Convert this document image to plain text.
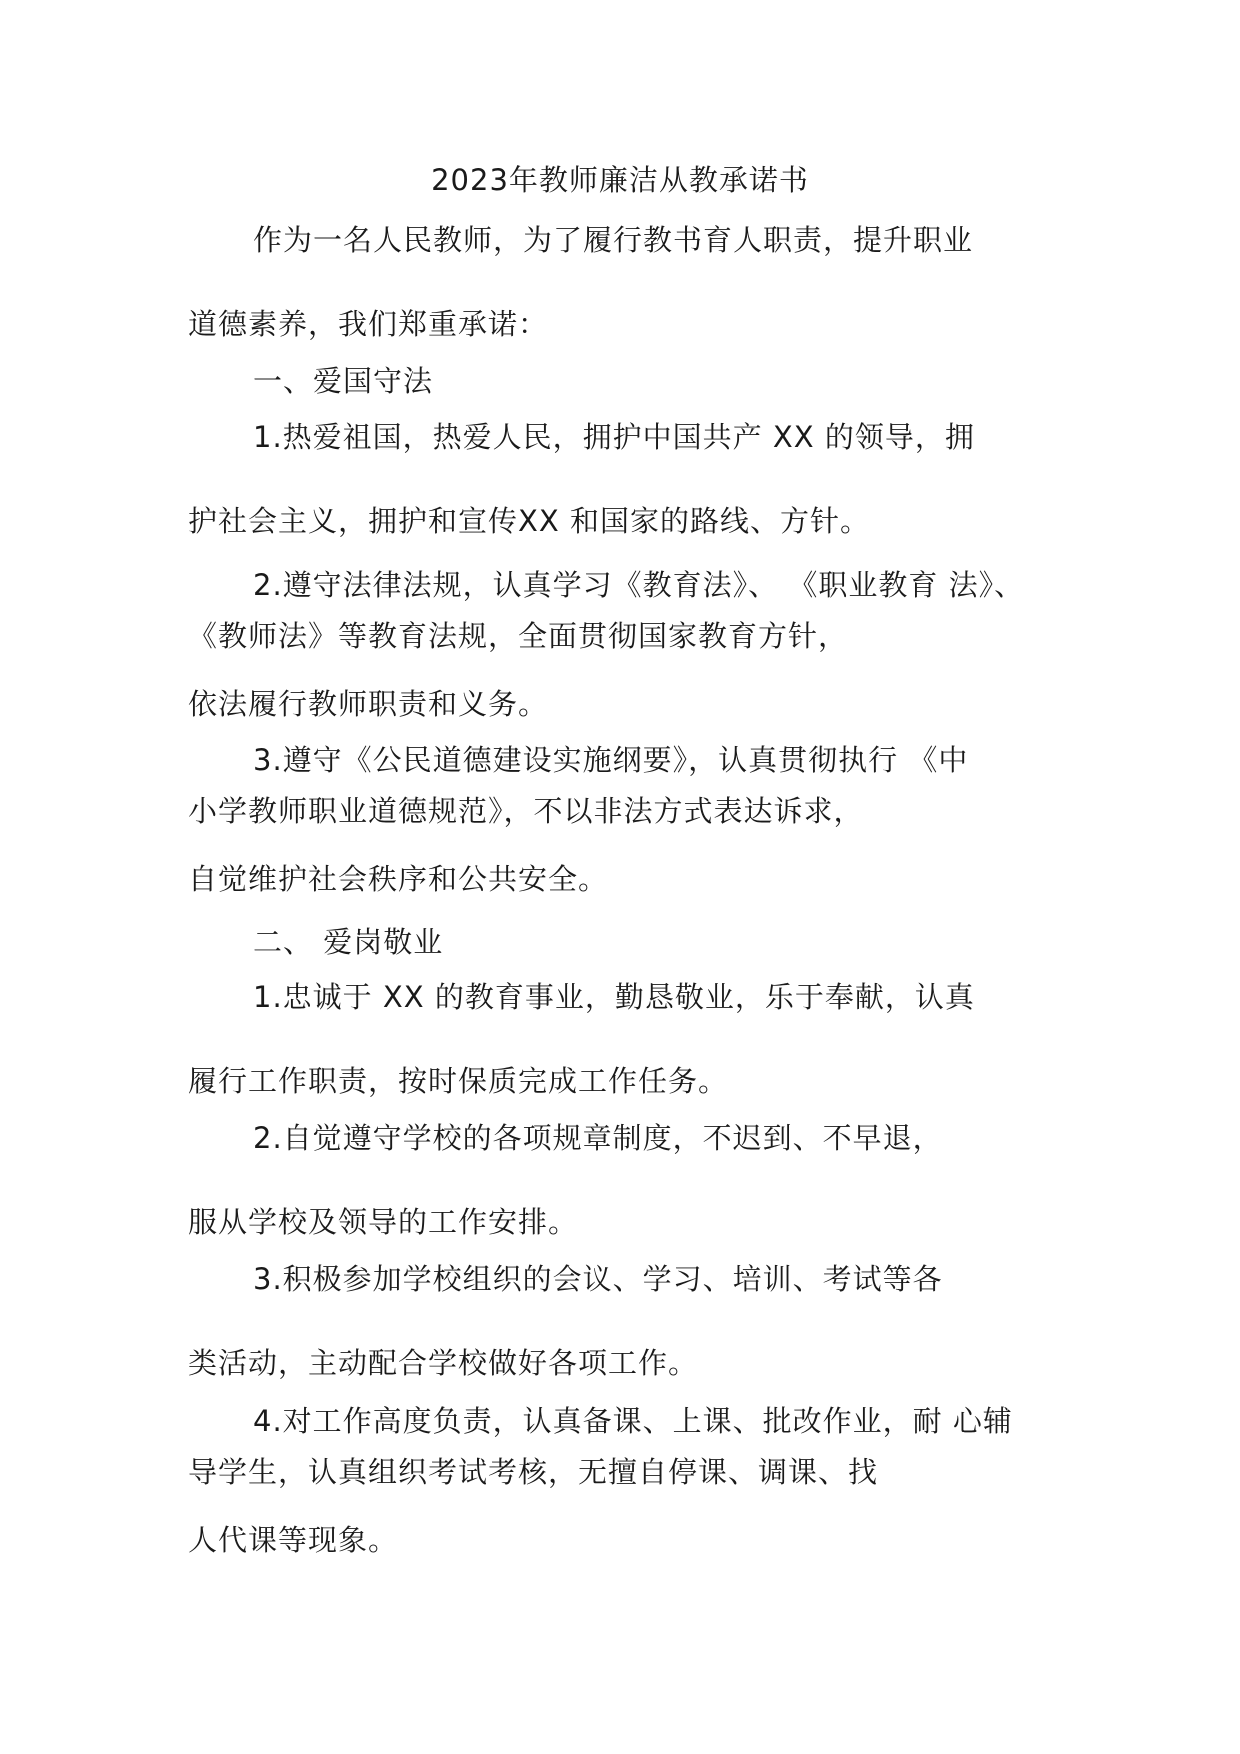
2023年教师廉洁从教承诺书
作为一名人民教师，为了履行教书育人职责，提升职业
道德素养，我们郑重承诺：
一、爱国守法
1.热爱祖国，热爱人民，拥护中国共产 XX 的领导，拥
护社会主义，拥护和宣传XX 和国家的路线、方针。
2.遵守法律法规，认真学习《教育法》、 《职业教育 法》、
《教师法》等教育法规，全面贯彻国家教育方针，
依法履行教师职责和义务。
3.遵守《公民道德建设实施纲要》，认真贯彻执行 《中
小学教师职业道德规范》，不以非法方式表达诉求，
自觉维护社会秩序和公共安全。
二、 爱岗敬业
1.忠诚于 XX 的教育事业，勤恳敬业，乐于奉献，认真
履行工作职责，按时保质完成工作任务。
2.自觉遵守学校的各项规章制度，不迟到、不早退，
服从学校及领导的工作安排。
3.积极参加学校组织的会议、学习、培训、考试等各
类活动，主动配合学校做好各项工作。
4.对工作高度负责，认真备课、上课、批改作业，耐 心辅
导学生，认真组织考试考核，无擅自停课、调课、找
人代课等现象。
